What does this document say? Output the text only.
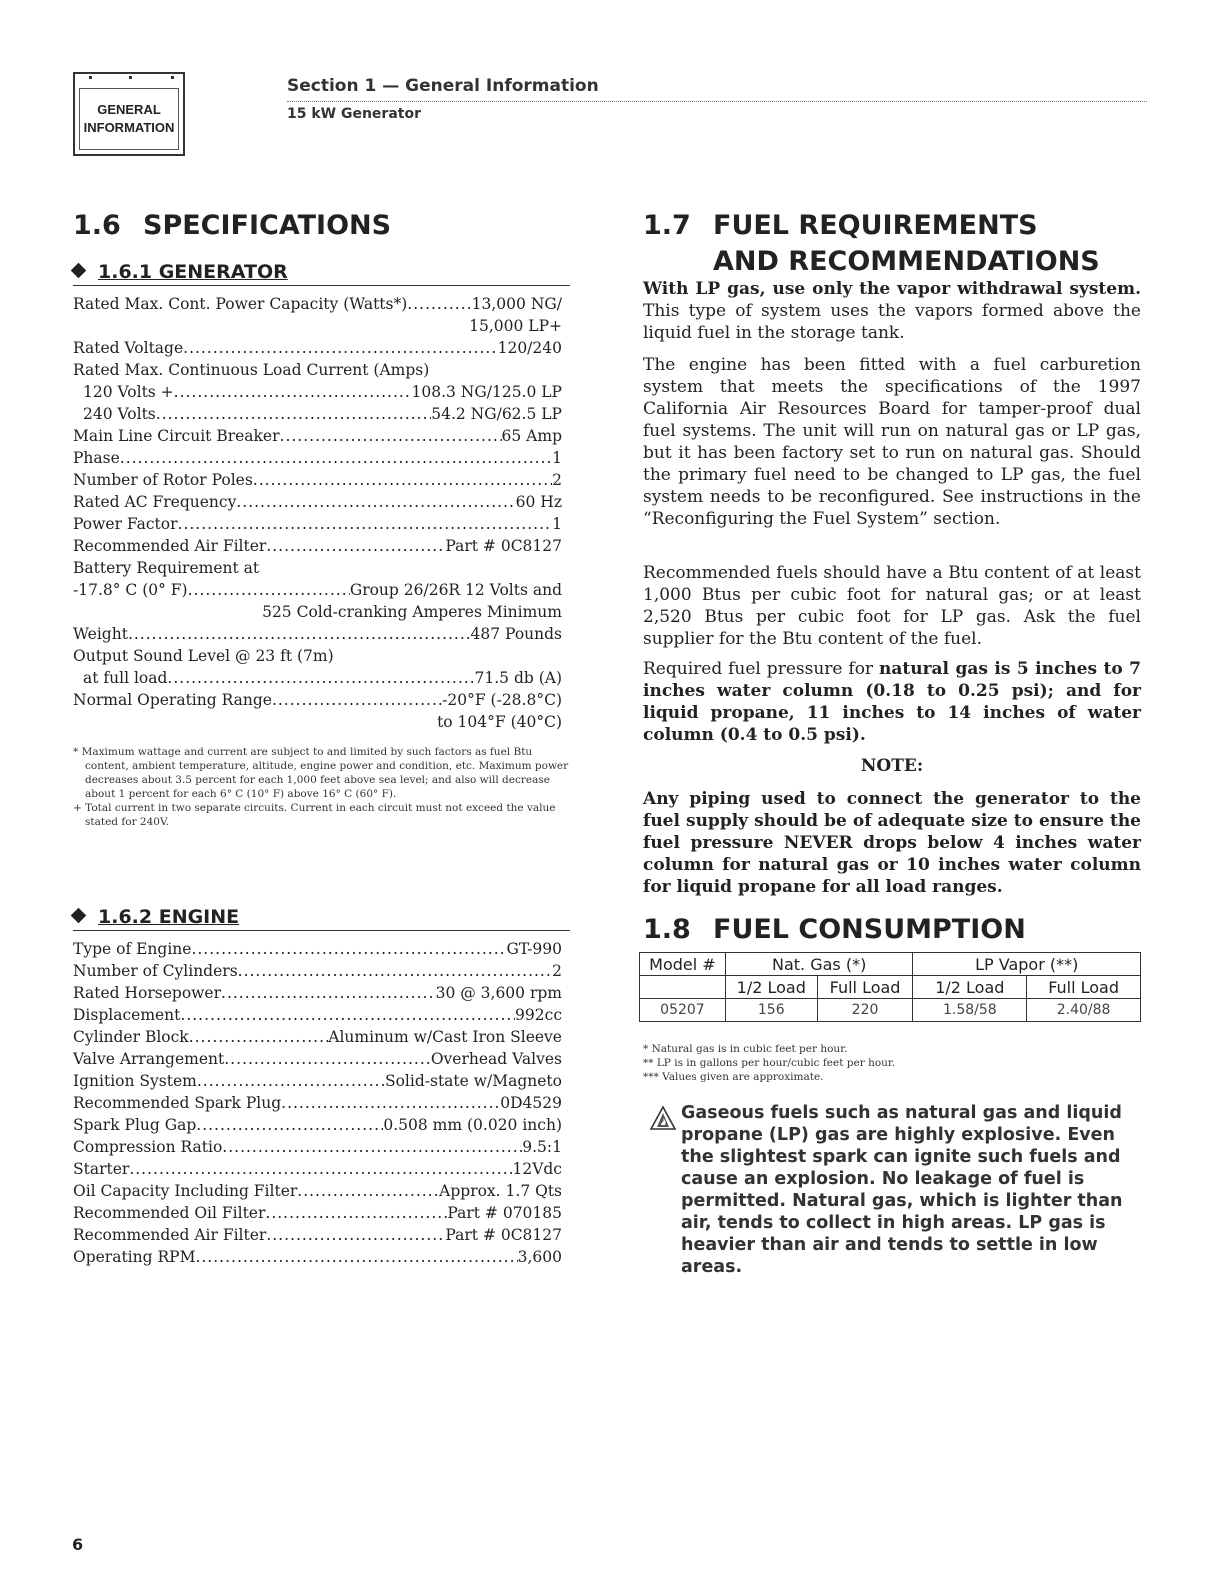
GENERAL
INFORMATION
Section 1 — General Information
15 kW Generator
1.6 SPECIFICATIONS
1.6.1 GENERATOR
Rated Max. Cont. Power Capacity (Watts*) .....	13,000 NG/
15,000 LP+
Rated Voltage .....	120/240
Rated Max. Continuous Load Current (Amps)
120 Volts + .....	108.3 NG/125.0 LP
240 Volts .....	54.2 NG/62.5 LP
Main Line Circuit Breaker .....	65 Amp
Phase .....	1
Number of Rotor Poles .....	2
Rated AC Frequency .....	60 Hz
Power Factor .....	1
Recommended Air Filter .....	Part # 0C8127
Battery Requirement at
-17.8° C (0° F) .....	Group 26/26R 12 Volts and
525 Cold-cranking Amperes Minimum
Weight .....	487 Pounds
Output Sound Level @ 23 ft (7m)
at full load .....	71.5 db (A)
Normal Operating Range .....	-20°F (-28.8°C)
to 104°F (40°C)
* Maximum wattage and current are subject to and limited by such factors as fuel Btu content, ambient temperature, altitude, engine power and condition, etc. Maximum power decreases about 3.5 percent for each 1,000 feet above sea level; and also will decrease about 1 percent for each 6° C (10° F) above 16° C (60° F).
+ Total current in two separate circuits. Current in each circuit must not exceed the value stated for 240V.
1.6.2 ENGINE
Type of Engine .....	GT-990
Number of Cylinders .....	2
Rated Horsepower .....	30 @ 3,600 rpm
Displacement .....	992cc
Cylinder Block .....	Aluminum w/Cast Iron Sleeve
Valve Arrangement .....	Overhead Valves
Ignition System .....	Solid-state w/Magneto
Recommended Spark Plug .....	0D4529
Spark Plug Gap .....	0.508 mm (0.020 inch)
Compression Ratio .....	9.5:1
Starter .....	12Vdc
Oil Capacity Including Filter .....	Approx. 1.7 Qts
Recommended Oil Filter .....	Part # 070185
Recommended Air Filter .....	Part # 0C8127
Operating RPM .....	3,600
1.7 FUEL REQUIREMENTS
AND RECOMMENDATIONS
With LP gas, use only the vapor withdrawal system. This type of system uses the vapors formed above the liquid fuel in the storage tank.
The engine has been fitted with a fuel carburetion system that meets the specifications of the 1997 California Air Resources Board for tamper-proof dual fuel systems. The unit will run on natural gas or LP gas, but it has been factory set to run on natural gas. Should the primary fuel need to be changed to LP gas, the fuel system needs to be reconfigured. See instructions in the “Reconfiguring the Fuel System” section.
Recommended fuels should have a Btu content of at least 1,000 Btus per cubic foot for natural gas; or at least 2,520 Btus per cubic foot for LP gas. Ask the fuel supplier for the Btu content of the fuel.
Required fuel pressure for natural gas is 5 inches to 7 inches water column (0.18 to 0.25 psi); and for liquid propane, 11 inches to 14 inches of water column (0.4 to 0.5 psi).
NOTE:
Any piping used to connect the generator to the fuel supply should be of adequate size to ensure the fuel pressure NEVER drops below 4 inches water column for natural gas or 10 inches water column for liquid propane for all load ranges.
1.8 FUEL CONSUMPTION
Model #	Nat. Gas (*)		LP Vapor (**)	
	1/2 Load	Full Load	1/2 Load	Full Load
05207	156	220	1.58/58	2.40/88
* Natural gas is in cubic feet per hour.
** LP is in gallons per hour/cubic feet per hour.
*** Values given are approximate.
Gaseous fuels such as natural gas and liquid propane (LP) gas are highly explosive. Even the slightest spark can ignite such fuels and cause an explosion. No leakage of fuel is permitted. Natural gas, which is lighter than air, tends to collect in high areas. LP gas is heavier than air and tends to settle in low areas.
6
